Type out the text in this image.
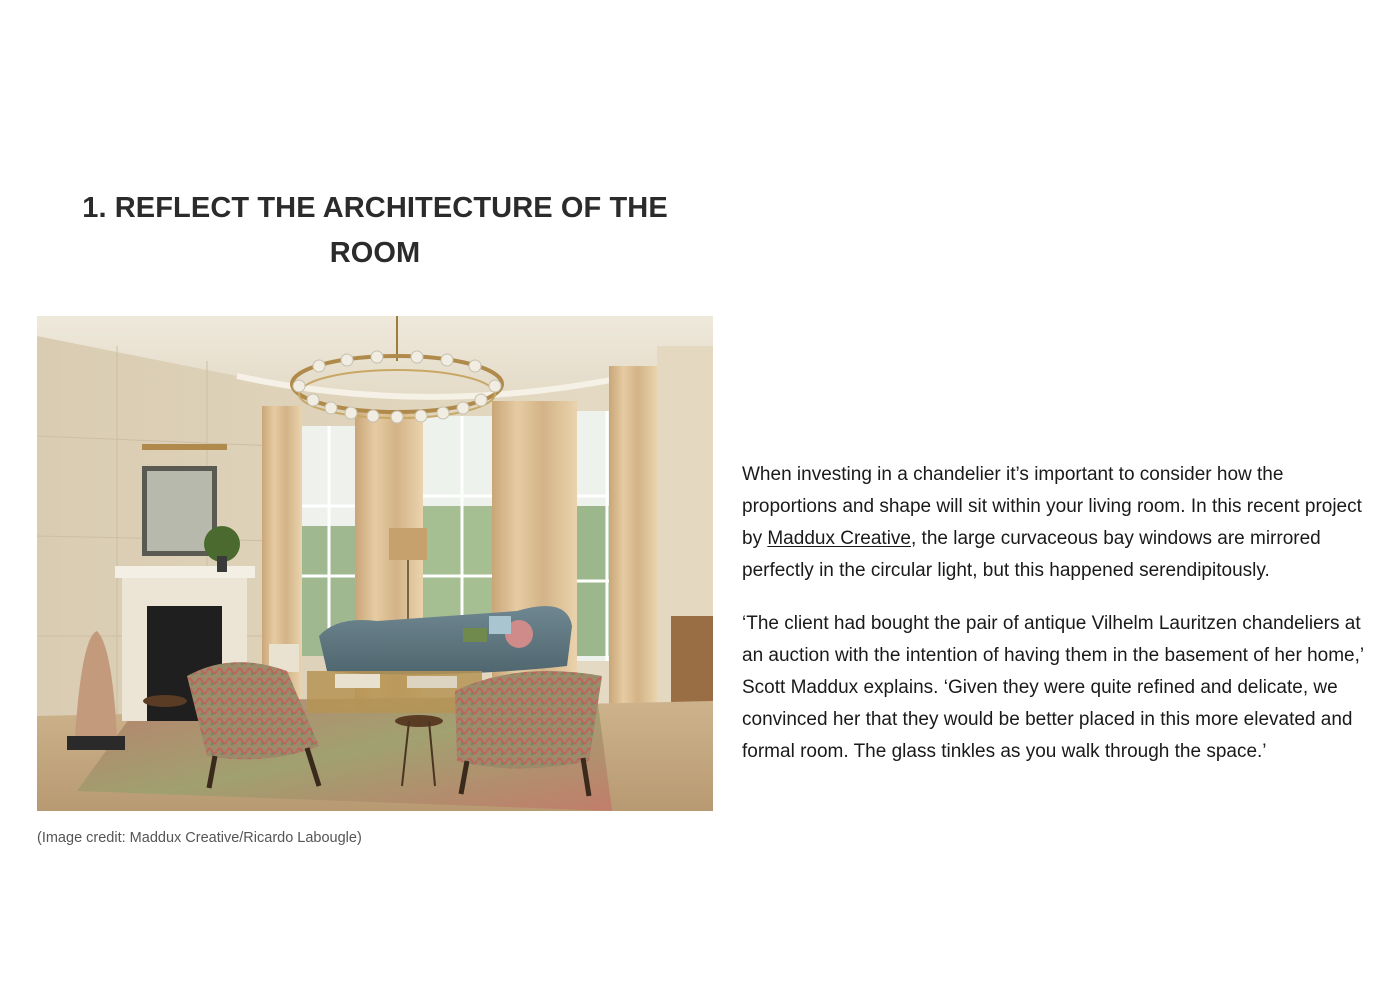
1. REFLECT THE ARCHITECTURE OF THE ROOM

(Image credit: Maddux Creative/Ricardo Labougle)

When investing in a chandelier it’s important to consider how the proportions and shape will sit within your living room. In this recent project by Maddux Creative, the large curvaceous bay windows are mirrored perfectly in the circular light, but this happened serendipitously.

‘The client had bought the pair of antique Vilhelm Lauritzen chandeliers at an auction with the intention of having them in the basement of her home,’ Scott Maddux explains. ‘Given they were quite refined and delicate, we convinced her that they would be better placed in this more elevated and formal room. The glass tinkles as you walk through the space.’
